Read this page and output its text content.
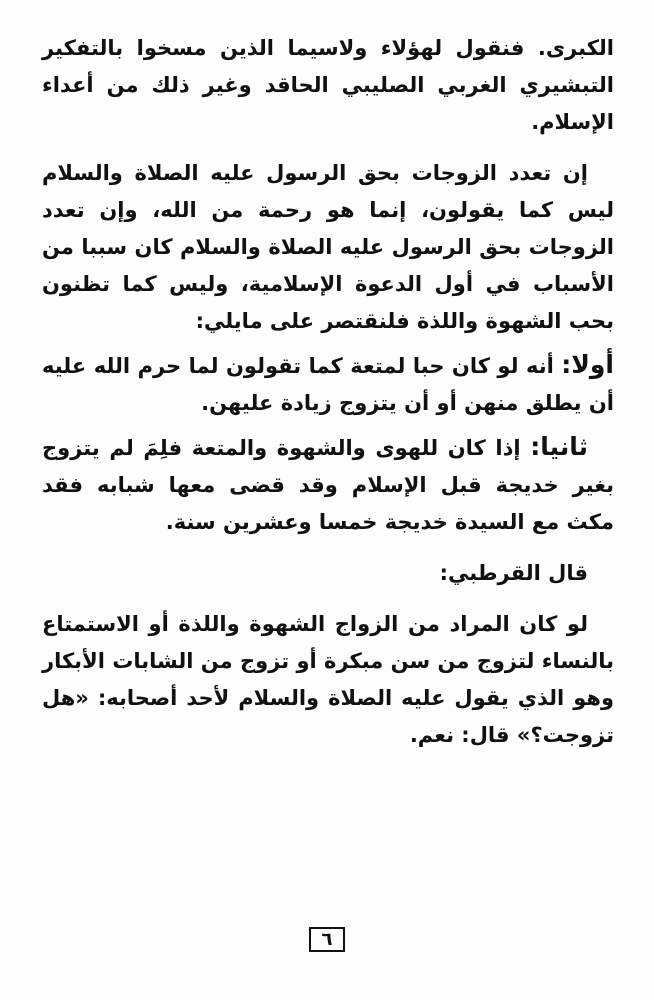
الكبرى. فنقول لهؤلاء ولاسيما الذين مسخوا بالتفكير التبشيري الغربي الصليبي الحاقد وغير ذلك من أعداء الإسلام.

إن تعدد الزوجات بحق الرسول عليه الصلاة والسلام ليس كما يقولون، إنما هو رحمة من الله، وإن تعدد الزوجات بحق الرسول عليه الصلاة والسلام كان سببا من الأسباب في أول الدعوة الإسلامية، وليس كما تظنون بحب الشهوة واللذة فلنقتصر على مايلي:

أولا: أنه لو كان حبا لمتعة كما تقولون لما حرم الله عليه أن يطلق منهن أو أن يتزوج زيادة عليهن.

ثانيا: إذا كان للهوى والشهوة والمتعة فلِمَ لم يتزوج بغير خديجة قبل الإسلام وقد قضى معها شبابه فقد مكث مع السيدة خديجة خمسا وعشرين سنة.

قال القرطبي:

لو كان المراد من الزواج الشهوة واللذة أو الاستمتاع بالنساء لتزوج من سن مبكرة أو تزوج من الشابات الأبكار وهو الذي يقول عليه الصلاة والسلام لأحد أصحابه: «هل تزوجت؟» قال: نعم.

٦
